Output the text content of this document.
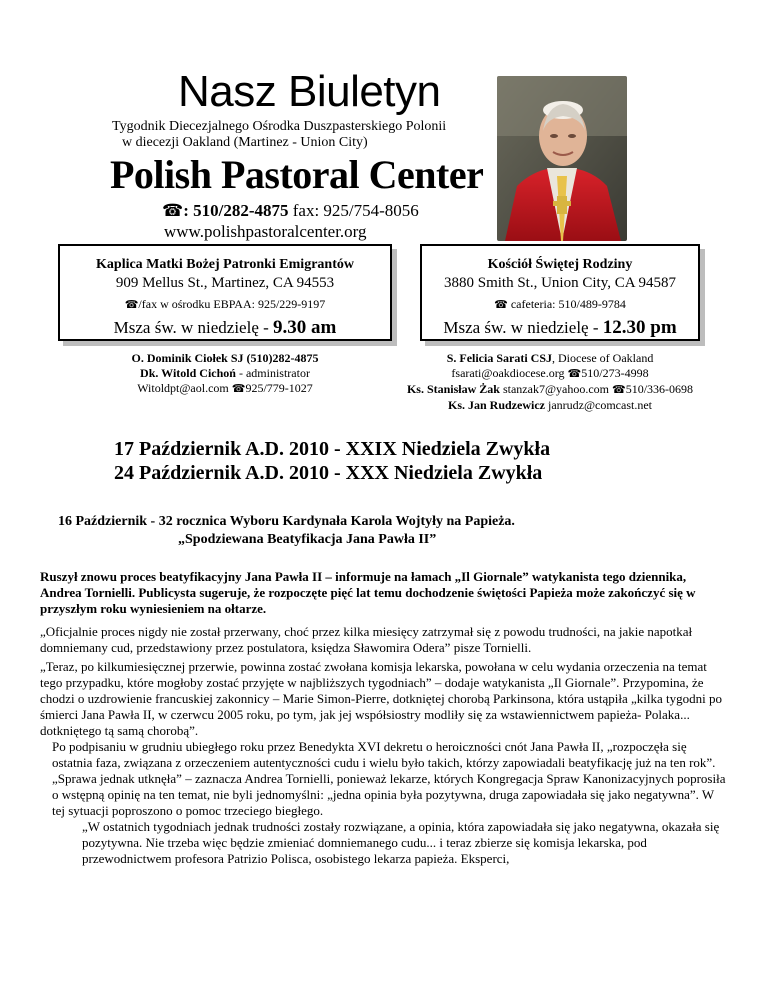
Nasz Biuletyn
Tygodnik Diecezjalnego Ośrodka Duszpasterskiego Polonii
w diecezji Oakland (Martinez - Union City)
Polish Pastoral Center
☎: 510/282-4875 fax: 925/754-8056
www.polishpastoralcenter.org
Kaplica Matki Bożej Patronki Emigrantów
909 Mellus St., Martinez, CA 94553
☎/fax w ośrodku EBPAA: 925/229-9197
Msza św. w niedzielę - 9.30 am
Kościół Świętej Rodziny
3880 Smith St., Union City, CA 94587
☎ cafeteria: 510/489-9784
Msza św. w niedzielę - 12.30 pm
O. Dominik Ciołek SJ (510)282-4875
Dk. Witold Cichoń - administrator
Witoldpt@aol.com ☎925/779-1027
S. Felicia Sarati CSJ, Diocese of Oakland
fsarati@oakdiocese.org ☎510/273-4998
Ks. Stanisław Żak stanzak7@yahoo.com ☎510/336-0698
Ks. Jan Rudzewicz janrudz@comcast.net
17 Październik A.D. 2010 - XXIX Niedziela Zwykła
24 Październik A.D. 2010 - XXX Niedziela Zwykła
16 Październik - 32 rocznica Wyboru Kardynała Karola Wojtyły na Papieża.
„Spodziewana Beatyfikacja Jana Pawła II”
Ruszył znowu proces beatyfikacyjny Jana Pawła II – informuje na łamach „Il Giornale” watykanista tego dziennika, Andrea Tornielli. Publicysta sugeruje, że rozpoczęte pięć lat temu dochodzenie świętości Papieża może zakończyć się w przyszłym roku wyniesieniem na ołtarze.
„Oficjalnie proces nigdy nie został przerwany, choć przez kilka miesięcy zatrzymał się z powodu trudności, na jakie napotkał domniemany cud, przedstawiony przez postulatora, księdza Sławomira Odera” pisze Tornielli.
„Teraz, po kilkumiesięcznej przerwie, powinna zostać zwołana komisja lekarska, powołana w celu wydania orzeczenia na temat tego przypadku, które mogłoby zostać przyjęte w najbliższych tygodniach” – dodaje watykanista „Il Giornale”. Przypomina, że chodzi o uzdrowienie francuskiej zakonnicy – Marie Simon-Pierre, dotkniętej chorobą Parkinsona, która ustąpiła „kilka tygodni po śmierci Jana Pawła II, w czerwcu 2005 roku, po tym, jak jej współsiostry modliły się za wstawiennictwem papieża- Polaka... dotkniętego tą samą chorobą”.
Po podpisaniu w grudniu ubiegłego roku przez Benedykta XVI dekretu o heroiczności cnót Jana Pawła II, „rozpoczęła się ostatnia faza, związana z orzeczeniem autentyczności cudu i wielu było takich, którzy zapowiadali beatyfikację już na ten rok”. „Sprawa jednak utknęła” – zaznacza Andrea Tornielli, ponieważ lekarze, których Kongregacja Spraw Kanonizacyjnych poprosiła o wstępną opinię na ten temat, nie byli jednomyślni: „jedna opinia była pozytywna, druga zapowiadała się jako negatywna”. W tej sytuacji poproszono o pomoc trzeciego biegłego.
„W ostatnich tygodniach jednak trudności zostały rozwiązane, a opinia, która zapowiadała się jako negatywna, okazała się pozytywna. Nie trzeba więc będzie zmieniać domniemanego cudu... i teraz zbierze się komisja lekarska, pod przewodnictwem profesora Patrizio Polisca, osobistego lekarza papieża. Eksperci,
